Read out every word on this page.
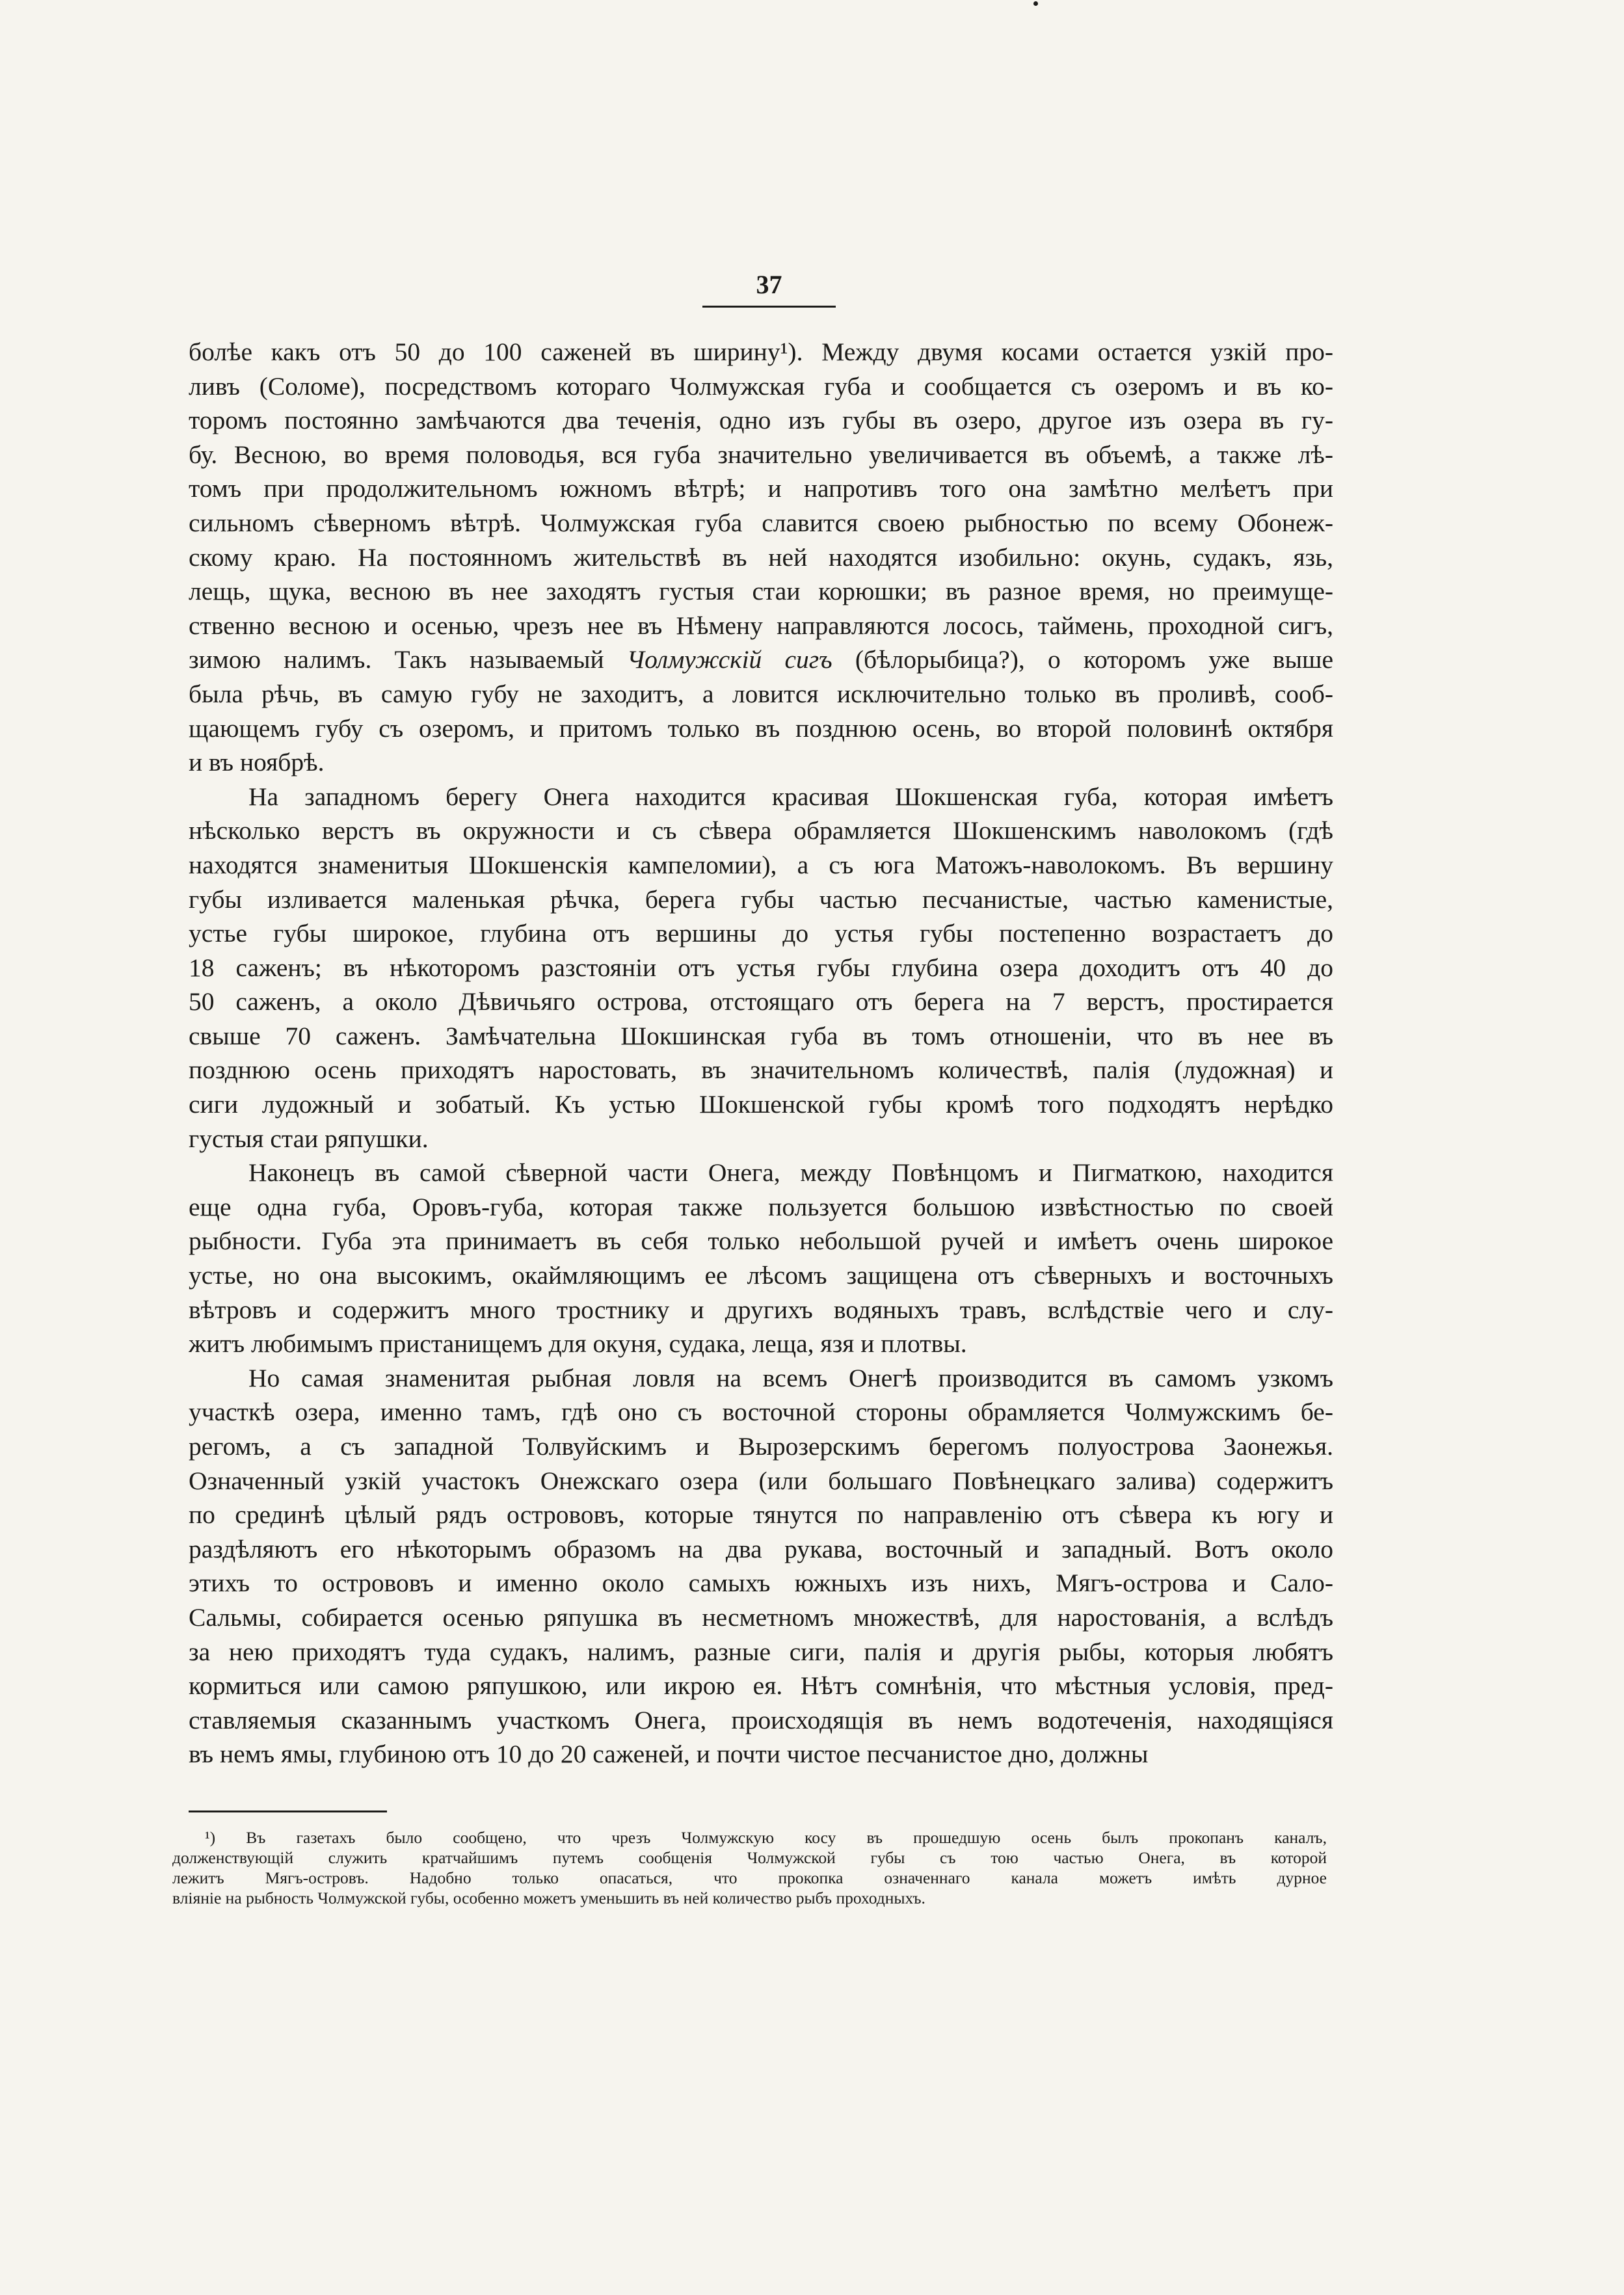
37
болѣе какъ отъ 50 до 100 саженей въ ширину¹). Между двумя косами остается узкій про-
ливъ (Соломе), посредствомъ котораго Чолмужская губа и сообщается съ озеромъ и въ ко-
торомъ постоянно замѣчаются два теченія, одно изъ губы въ озеро, другое изъ озера въ гу-
бу. Весною, во время половодья, вся губа значительно увеличивается въ объемѣ, а также лѣ-
томъ при продолжительномъ южномъ вѣтрѣ; и напротивъ того она замѣтно мелѣетъ при
сильномъ сѣверномъ вѣтрѣ. Чолмужская губа славится своею рыбностью по всему Обонеж-
скому краю. На постоянномъ жительствѣ въ ней находятся изобильно: окунь, судакъ, язь,
лещь, щука, весною въ нее заходятъ густыя стаи корюшки; въ разное время, но преимуще-
ственно весною и осенью, чрезъ нее въ Нѣмену направляются лосось, таймень, проходной сигъ,
зимою налимъ. Такъ называемый Чолмужскій сигъ (бѣлорыбица?), о которомъ уже выше
была рѣчь, въ самую губу не заходитъ, а ловится исключительно только въ проливѣ, сооб-
щающемъ губу съ озеромъ, и притомъ только въ позднюю осень, во второй половинѣ октября
и въ ноябрѣ.
На западномъ берегу Онега находится красивая Шокшенская губа, которая имѣетъ
нѣсколько верстъ въ окружности и съ сѣвера обрамляется Шокшенскимъ наволокомъ (гдѣ
находятся знаменитыя Шокшенскія кампеломии), а съ юга Матожъ-наволокомъ. Въ вершину
губы изливается маленькая рѣчка, берега губы частью песчанистые, частью каменистые,
устье губы широкое, глубина отъ вершины до устья губы постепенно возрастаетъ до
18 саженъ; въ нѣкоторомъ разстояніи отъ устья губы глубина озера доходитъ отъ 40 до
50 саженъ, а около Дѣвичьяго острова, отстоящаго отъ берега на 7 верстъ, простирается
свыше 70 саженъ. Замѣчательна Шокшинская губа въ томъ отношеніи, что въ нее въ
позднюю осень приходятъ наростовать, въ значительномъ количествѣ, палія (лудожная) и
сиги лудожный и зобатый. Къ устью Шокшенской губы кромѣ того подходятъ нерѣдко
густыя стаи ряпушки.
Наконецъ въ самой сѣверной части Онега, между Повѣнцомъ и Пигматкою, находится
еще одна губа, Оровъ-губа, которая также пользуется большою извѣстностью по своей
рыбности. Губа эта принимаетъ въ себя только небольшой ручей и имѣетъ очень широкое
устье, но она высокимъ, окаймляющимъ ее лѣсомъ защищена отъ сѣверныхъ и восточныхъ
вѣтровъ и содержитъ много тростнику и другихъ водяныхъ травъ, вслѣдствіе чего и слу-
житъ любимымъ пристанищемъ для окуня, судака, леща, язя и плотвы.
Но самая знаменитая рыбная ловля на всемъ Онегѣ производится въ самомъ узкомъ
участкѣ озера, именно тамъ, гдѣ оно съ восточной стороны обрамляется Чолмужскимъ бе-
регомъ, а съ западной Толвуйскимъ и Вырозерскимъ берегомъ полуострова Заонежья.
Означенный узкій участокъ Онежскаго озера (или большаго Повѣнецкаго залива) содержитъ
по срединѣ цѣлый рядъ острововъ, которые тянутся по направленію отъ сѣвера къ югу и
раздѣляютъ его нѣкоторымъ образомъ на два рукава, восточный и западный. Вотъ около
этихъ то острововъ и именно около самыхъ южныхъ изъ нихъ, Мягъ-острова и Сало-
Сальмы, собирается осенью ряпушка въ несметномъ множествѣ, для наростованія, а вслѣдъ
за нею приходятъ туда судакъ, налимъ, разные сиги, палія и другія рыбы, которыя любятъ
кормиться или самою ряпушкою, или икрою ея. Нѣтъ сомнѣнія, что мѣстныя условія, пред-
ставляемыя сказаннымъ участкомъ Онега, происходящія въ немъ водотеченія, находящіяся
въ немъ ямы, глубиною отъ 10 до 20 саженей, и почти чистое песчанистое дно, должны
¹) Въ газетахъ было сообщено, что чрезъ Чолмужскую косу въ прошедшую осень былъ прокопанъ каналъ,
долженствующій служить кратчайшимъ путемъ сообщенія Чолмужской губы съ тою частью Онега, въ которой
лежитъ Мягъ-островъ. Надобно только опасаться, что прокопка означеннаго канала можетъ имѣть дурное
вліяніе на рыбность Чолмужской губы, особенно можетъ уменьшить въ ней количество рыбъ проходныхъ.
